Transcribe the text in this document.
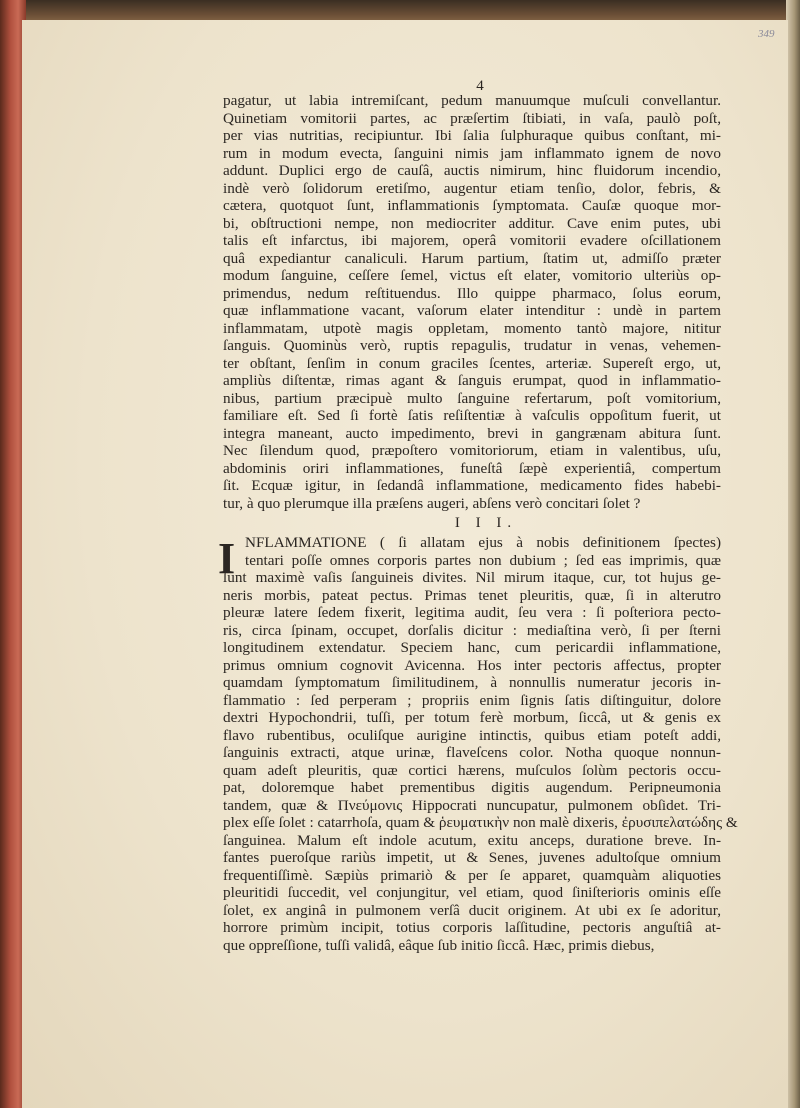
349
4
pagatur, ut labia intremiſcant, pedum manuumque muſculi convellantur.
Quinetiam vomitorii partes, ac præſertim ſtibiati, in vaſa, paulò poſt,
per vias nutritias, recipiuntur. Ibi ſalia ſulphuraque quibus conſtant, mi-
rum in modum evecta, ſanguini nimis jam inflammato ignem de novo
addunt. Duplici ergo de cauſâ, auctis nimirum, hinc fluidorum incendio,
indè verò ſolidorum eretiſmo, augentur etiam tenſio, dolor, febris, &
cætera, quotquot ſunt, inflammationis ſymptomata. Cauſæ quoque mor-
bi, obſtructioni nempe, non mediocriter additur. Cave enim putes, ubi
talis eſt infarctus, ibi majorem, operâ vomitorii evadere oſcillationem
quâ expediantur canaliculi. Harum partium, ſtatim ut, admiſſo præter
modum ſanguine, ceſſere ſemel, victus eſt elater, vomitorio ulteriùs op-
primendus, nedum reſtituendus. Illo quippe pharmaco, ſolus eorum,
quæ inflammatione vacant, vaſorum elater intenditur : undè in partem
inflammatam, utpotè magis oppletam, momento tantò majore, nititur
ſanguis. Quominùs verò, ruptis repagulis, trudatur in venas, vehemen-
ter obſtant, ſenſim in conum graciles ſcentes, arteriæ. Supereſt ergo, ut,
ampliùs diſtentæ, rimas agant & ſanguis erumpat, quod in inflammatio-
nibus, partium præcipuè multo ſanguine refertarum, poſt vomitorium,
familiare eſt. Sed ſi fortè ſatis reſiſtentiæ à vaſculis oppoſitum fuerit, ut
integra maneant, aucto impedimento, brevi in gangrænam abitura ſunt.
Nec ſilendum quod, præpoſtero vomitoriorum, etiam in valentibus, uſu,
abdominis oriri inflammationes, funeſtâ ſæpè experientiâ, compertum
ſit. Ecquæ igitur, in ſedandâ inflammatione, medicamento fides habebi-
tur, à quo plerumque illa præſens augeri, abſens verò concitari ſolet ?
I I I.
I NFLAMMATIONE ( ſi allatam ejus à nobis definitionem ſpectes)
tentari poſſe omnes corporis partes non dubium ; ſed eas imprimis, quæ
ſunt maximè vaſis ſanguineis divites. Nil mirum itaque, cur, tot hujus ge-
neris morbis, pateat pectus. Primas tenet pleuritis, quæ, ſi in alterutro
pleuræ latere ſedem fixerit, legitima audit, ſeu vera : ſi poſteriora pecto-
ris, circa ſpinam, occupet, dorſalis dicitur : mediaſtina verò, ſi per ſterni
longitudinem extendatur. Speciem hanc, cum pericardii inflammatione,
primus omnium cognovit Avicenna. Hos inter pectoris affectus, propter
quamdam ſymptomatum ſimilitudinem, à nonnullis numeratur jecoris in-
flammatio : ſed perperam ; propriis enim ſignis ſatis diſtinguitur, dolore
dextri Hypochondrii, tuſſi, per totum ferè morbum, ſiccâ, ut & genis ex
flavo rubentibus, oculiſque aurigine intinctis, quibus etiam poteſt addi,
ſanguinis extracti, atque urinæ, flaveſcens color. Notha quoque nonnun-
quam adeſt pleuritis, quæ cortici hærens, muſculos ſolùm pectoris occu-
pat, doloremque habet prementibus digitis augendum. Peripneumonia
tandem, quæ & Πνεύμονις Hippocrati nuncupatur, pulmonem obſidet. Tri-
plex eſſe ſolet : catarrhoſa, quam & ῥευματικὴν non malè dixeris, ἐρυσιπελατώδης &
ſanguinea. Malum eſt indole acutum, exitu anceps, duratione breve. In-
fantes pueroſque rariùs impetit, ut & Senes, juvenes adultoſque omnium
frequentiſſimè. Sæpiùs primariò & per ſe apparet, quamquàm aliquoties
pleuritidi ſuccedit, vel conjungitur, vel etiam, quod ſiniſterioris ominis eſſe
ſolet, ex anginâ in pulmonem verſâ ducit originem. At ubi ex ſe adoritur,
horrore primùm incipit, totius corporis laſſitudine, pectoris anguſtiâ at-
que oppreſſione, tuſſi validâ, eâque ſub initio ſiccâ. Hæc, primis diebus,
